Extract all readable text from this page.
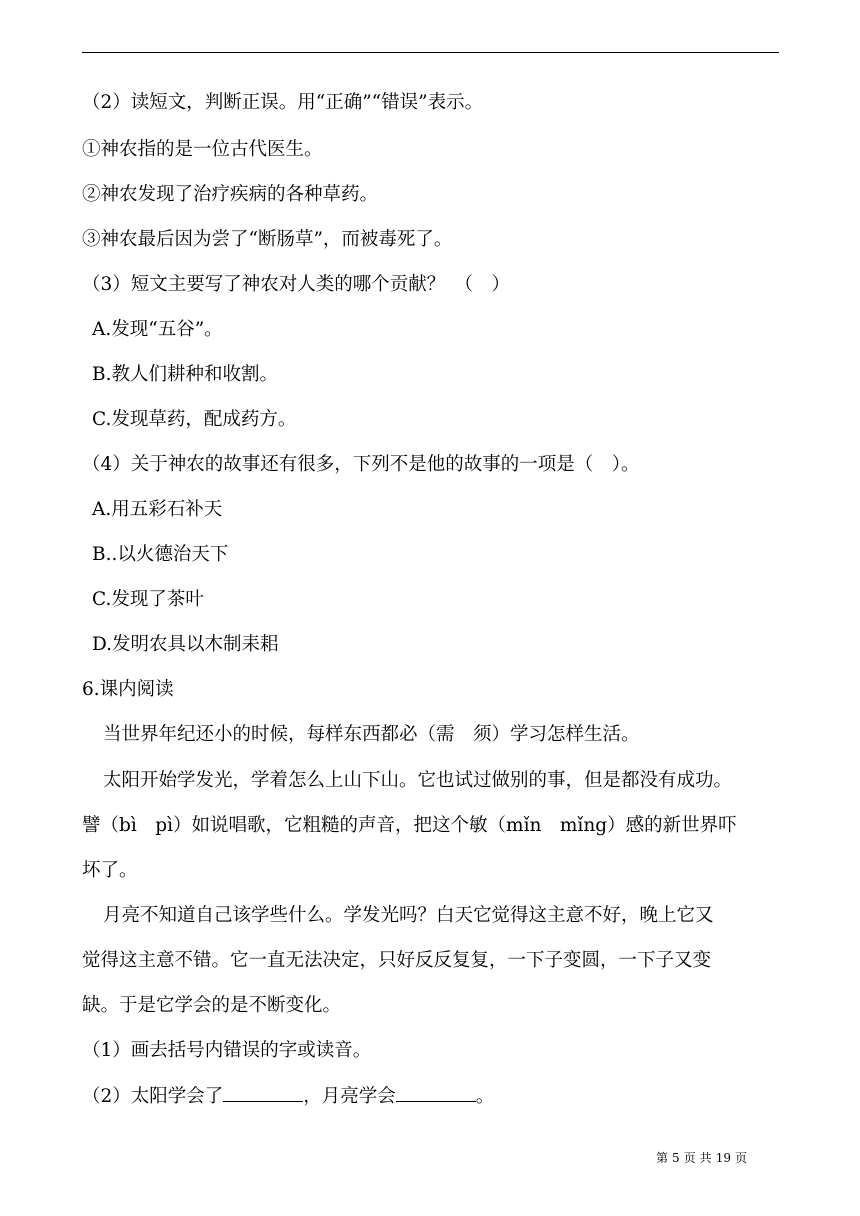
（2）读短文，判断正误。用“正确”“错误”表示。
①神农指的是一位古代医生。
②神农发现了治疗疾病的各种草药。
③神农最后因为尝了“断肠草”，而被毒死了。
（3）短文主要写了神农对人类的哪个贡献？　（　）
A.发现“五谷”。
B.教人们耕种和收割。
C.发现草药，配成药方。
（4）关于神农的故事还有很多，下列不是他的故事的一项是（　）。
A.用五彩石补天
B..以火德治天下
C.发现了茶叶
D.发明农具以木制耒耜
6.课内阅读
当世界年纪还小的时候，每样东西都必（需　须）学习怎样生活。
太阳开始学发光，学着怎么上山下山。它也试过做别的事，但是都没有成功。
譬（bì　pì）如说唱歌，它粗糙的声音，把这个敏（mǐn　mǐng）感的新世界吓
坏了。
月亮不知道自己该学些什么。学发光吗？白天它觉得这主意不好，晚上它又
觉得这主意不错。它一直无法决定，只好反反复复，一下子变圆，一下子又变
缺。于是它学会的是不断变化。
（1）画去括号内错误的字或读音。
（2）太阳学会了	，月亮学会	。
第 5 页 共 19 页
